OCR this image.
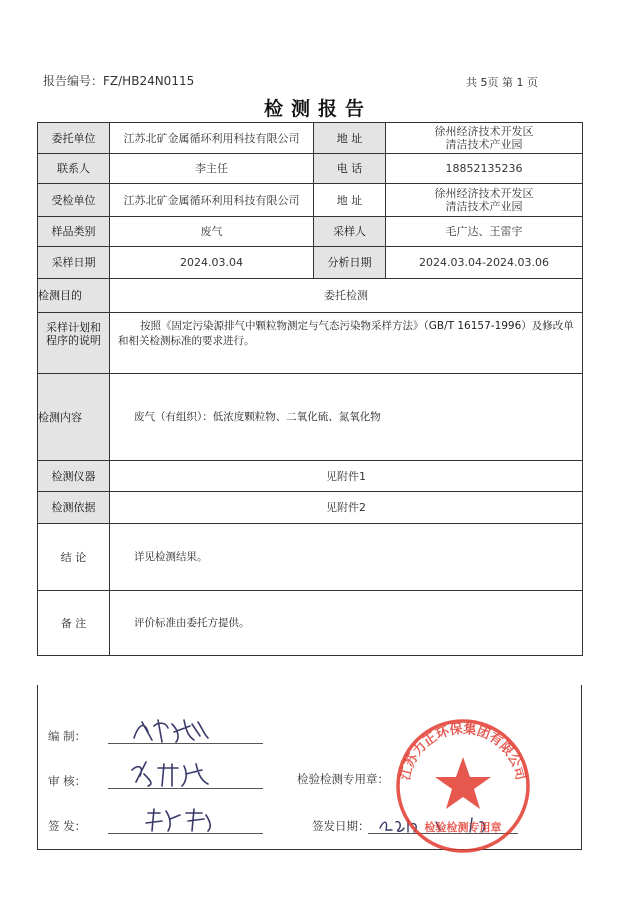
报告编号：FZ/HB24N0115	共 5页 第 1 页
检测报告
委托单位	江苏北矿金属循环利用科技有限公司	地 址	徐州经济技术开发区
清洁技术产业园

联系人	李主任	电 话	18852135236
受检单位	江苏北矿金属循环利用科技有限公司	地 址	徐州经济技术开发区
清洁技术产业园

样品类别	废气	采样人	毛广达、王雷宇
采样日期	2024.03.04	分析日期	2024.03.04-2024.03.06
检测目的	委托检测		

采样计划和
程序的说明	按照《固定污染源排气中颗粒物测定与气态污染物采样方法》（GB/T 16157-1996）及修改单和相关检测标准的要求进行。		

检测内容	废气（有组织）：低浓度颗粒物、二氧化硫、氮氧化物		

检测仪器	见附件1		
检测依据	见附件2		
结 论	详见检测结果。		

备 注	评价标准由委托方提供。		
编 制：
审 核：
签 发：
检验检测专用章：
签发日期：
江苏力正环保集团有限公司
检验检测专用章
